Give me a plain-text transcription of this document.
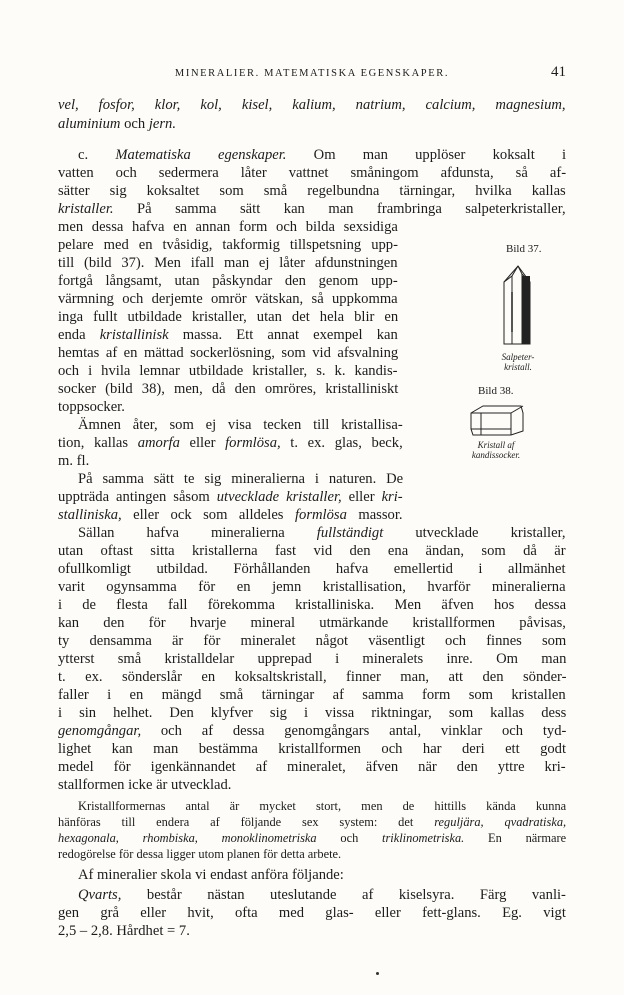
MINERALIER. MATEMATISKA EGENSKAPER.	41
vel, fosfor, klor, kol, kisel, kalium, natrium, calcium, magnesium,
aluminium och jern.
c. Matematiska egenskaper. Om man upplöser koksalt i
vatten och sedermera låter vattnet småningom afdunsta, så af-
sätter sig koksaltet som små regelbundna tärningar, hvilka kallas
kristaller. På samma sätt kan man frambringa salpeterkristaller,
men dessa hafva en annan form och bilda sexsidiga
pelare med en tvåsidig, takformig tillspetsning upp-
till (bild 37). Men ifall man ej låter afdunstningen
fortgå långsamt, utan påskyndar den genom upp-
värmning och derjemte omrör vätskan, så uppkomma
inga fullt utbildade kristaller, utan det hela blir en
enda kristallinisk massa. Ett annat exempel kan
hemtas af en mättad sockerlösning, som vid afsvalning
och i hvila lemnar utbildade kristaller, s. k. kandis-
socker (bild 38), men, då den omröres, kristalliniskt
toppsocker.
Ämnen åter, som ej visa tecken till kristallisa-
tion, kallas amorfa eller formlösa, t. ex. glas, beck,
m. fl.
På samma sätt te sig mineralierna i naturen. De
uppträda antingen såsom utvecklade kristaller, eller kri-
stalliniska, eller ock som alldeles formlösa massor.
Sällan hafva mineralierna fullständigt utvecklade kristaller,
utan oftast sitta kristallerna fast vid den ena ändan, som då är
ofullkomligt utbildad. Förhållanden hafva emellertid i allmänhet
varit ogynsamma för en jemn kristallisation, hvarför mineralierna
i de flesta fall förekomma kristalliniska. Men äfven hos dessa
kan den för hvarje mineral utmärkande kristallformen påvisas,
ty densamma är för mineralet något väsentligt och finnes som
ytterst små kristalldelar upprepad i mineralets inre. Om man
t. ex. sönderslår en koksaltskristall, finner man, att den sönder-
faller i en mängd små tärningar af samma form som kristallen
i sin helhet. Den klyfver sig i vissa riktningar, som kallas dess
genomgångar, och af dessa genomgångars antal, vinklar och tyd-
lighet kan man bestämma kristallformen och har deri ett godt
medel för igenkännandet af mineralet, äfven när den yttre kri-
stallformen icke är utvecklad.
Kristallformernas antal är mycket stort, men de hittills kända kunna
hänföras till endera af följande sex system: det reguljära, qvadratiska,
hexagonala, rhombiska, monoklinometriska och triklinometriska. En närmare
redogörelse för dessa ligger utom planen för detta arbete.
Af mineralier skola vi endast anföra följande:
Qvarts, består nästan uteslutande af kiselsyra. Färg vanli-
gen grå eller hvit, ofta med glas- eller fett-glans. Eg. vigt
2,5 – 2,8. Hårdhet = 7.
Bild 37.
Salpeter-kristall.
Bild 38.
Kristall af kandissocker.
